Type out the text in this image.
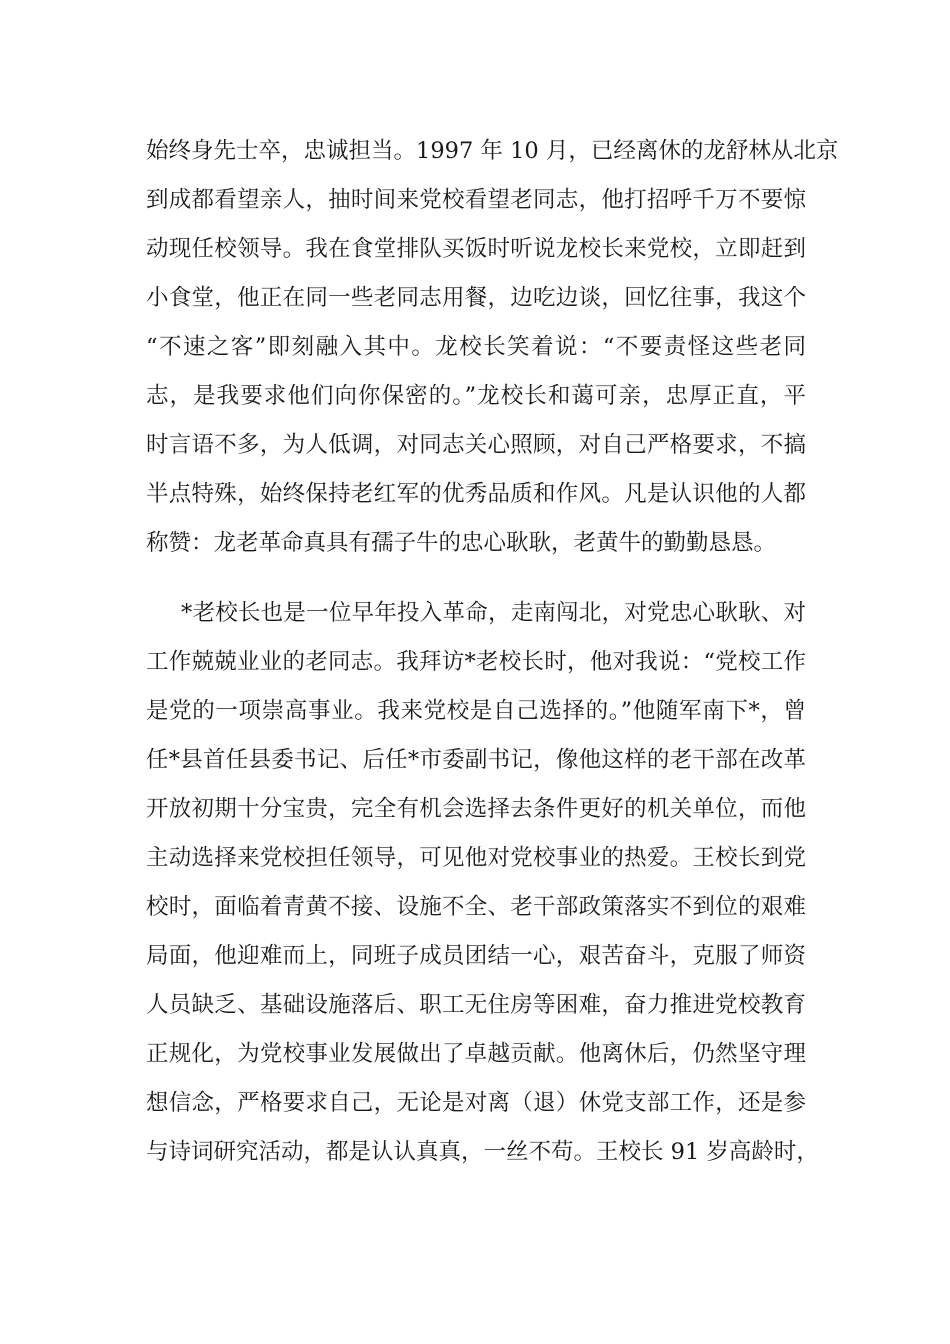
始终身先士卒，忠诚担当。1997 年 10 月，已经离休的龙舒林从北京
到成都看望亲人，抽时间来党校看望老同志，他打招呼千万不要惊
动现任校领导。我在食堂排队买饭时听说龙校长来党校，立即赶到
小食堂，他正在同一些老同志用餐，边吃边谈，回忆往事，我这个
“不速之客”即刻融入其中。龙校长笑着说：“不要责怪这些老同
志，是我要求他们向你保密的。”龙校长和蔼可亲，忠厚正直，平
时言语不多，为人低调，对同志关心照顾，对自己严格要求，不搞
半点特殊，始终保持老红军的优秀品质和作风。凡是认识他的人都
称赞：龙老革命真具有孺子牛的忠心耿耿，老黄牛的勤勤恳恳。
*老校长也是一位早年投入革命，走南闯北，对党忠心耿耿、对
工作兢兢业业的老同志。我拜访*老校长时，他对我说：“党校工作
是党的一项崇高事业。我来党校是自己选择的。”他随军南下*，曾
任*县首任县委书记、后任*市委副书记，像他这样的老干部在改革
开放初期十分宝贵，完全有机会选择去条件更好的机关单位，而他
主动选择来党校担任领导，可见他对党校事业的热爱。王校长到党
校时，面临着青黄不接、设施不全、老干部政策落实不到位的艰难
局面，他迎难而上，同班子成员团结一心，艰苦奋斗，克服了师资
人员缺乏、基础设施落后、职工无住房等困难，奋力推进党校教育
正规化，为党校事业发展做出了卓越贡献。他离休后，仍然坚守理
想信念，严格要求自己，无论是对离（退）休党支部工作，还是参
与诗词研究活动，都是认认真真，一丝不苟。王校长 91 岁高龄时，
